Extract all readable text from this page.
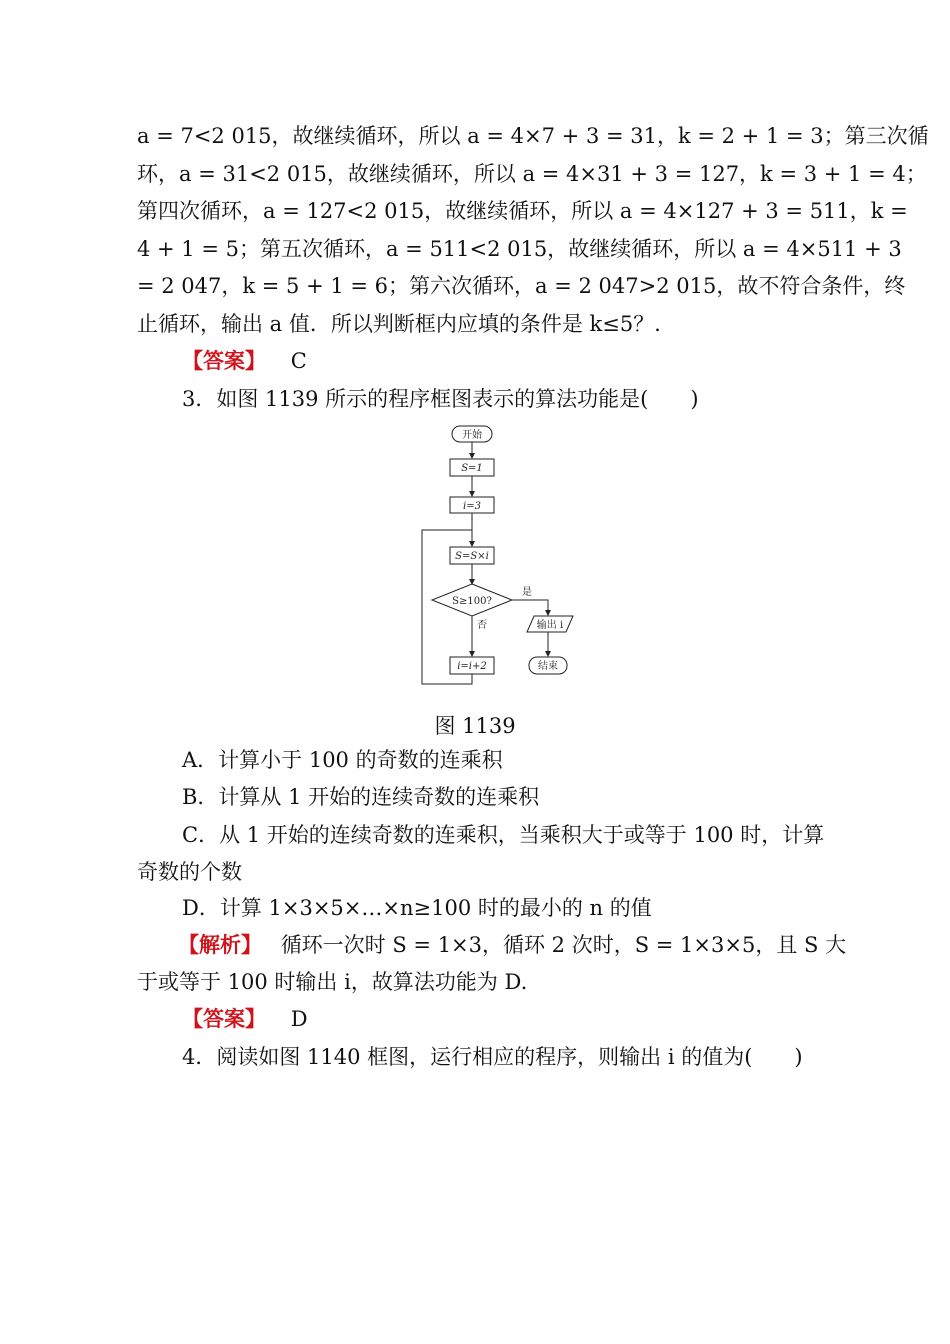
a = 7<2 015，故继续循环，所以 a = 4×7 + 3 = 31，k = 2 + 1 = 3；第三次循
环，a = 31<2 015，故继续循环，所以 a = 4×31 + 3 = 127，k = 3 + 1 = 4；
第四次循环，a = 127<2 015，故继续循环，所以 a = 4×127 + 3 = 511，k =
4 + 1 = 5；第五次循环，a = 511<2 015，故继续循环，所以 a = 4×511 + 3
= 2 047，k = 5 + 1 = 6；第六次循环，a = 2 047>2 015，故不符合条件，终
止循环，输出 a 值．所以判断框内应填的条件是 k≤5？．
【答案】 C
3．如图 1139 所示的程序框图表示的算法功能是(　　)
开始
S=1
i=3
S=S×i
S≥100?
是
否	输出 i
i=i+2	结束
图 1139
A．计算小于 100 的奇数的连乘积
B．计算从 1 开始的连续奇数的连乘积
C．从 1 开始的连续奇数的连乘积，当乘积大于或等于 100 时，计算
奇数的个数
D．计算 1×3×5×…×n≥100 时的最小的 n 的值
【解析】 循环一次时 S = 1×3，循环 2 次时，S = 1×3×5，且 S 大
于或等于 100 时输出 i，故算法功能为 D.
【答案】 D
4．阅读如图 1140 框图，运行相应的程序，则输出 i 的值为(　　)
